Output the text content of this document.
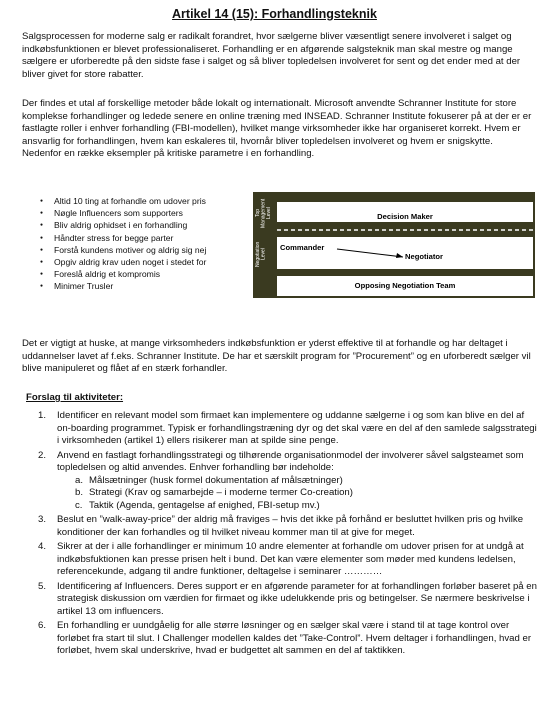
Artikel 14 (15): Forhandlingsteknik

Salgsprocessen for moderne salg er radikalt forandret, hvor sælgerne bliver væsentligt senere involveret i salget og indkøbsfunktionen er blevet professionaliseret. Forhandling er en afgørende salgsteknik man skal mestre og mange sælgere er uforberedte på den sidste fase i salget og så bliver topledelsen involveret for sent og det ender med at der bliver givet for store rabatter.

Der findes et utal af forskellige metoder både lokalt og internationalt. Microsoft anvendte Schranner Institute for store komplekse forhandlinger og ledede senere en online træning med INSEAD. Schranner Institute fokuserer på at der er er fastlagte roller i enhver forhandling (FBI-modellen), hvilket mange virksomheder ikke har organiseret korrekt. Hvem er ansvarlig for forhandlingen, hvem kan eskaleres til, hvornår bliver topledelsen involveret og hvem er snigskytte. Nedenfor en række eksempler på kritiske parametre i en forhandling.

● Altid 10 ting at forhandle om udover pris
● Nøgle Influencers som supporters
● Bliv aldrig ophidset i en forhandling
● Håndter stress for begge parter
● Forstå kundens motiver og aldrig sig nej
● Opgiv aldrig krav uden noget i stedet for
● Foreslå aldrig et kompromis
● Minimer Trusler
Top Management Level
Negotiation Level
Decision Maker
Commander
Negotiator
Opposing Negotiation Team

Det er vigtigt at huske, at mange virksomheders indkøbsfunktion er yderst effektive til at forhandle og har deltaget i uddannelser lavet af f.eks. Schranner Institute. De har et særskilt program for ”Procurement” og en uforberedt sælger vil blive manipuleret og flået af en stærk forhandler.

Forslag til aktiviteter:
1. Identificer en relevant model som firmaet kan implementere og uddanne sælgerne i og som kan blive en del af on-boarding programmet. Typisk er forhandlingstræning dyr og det skal være en del af den samlede salgsstrategi i virksomheden (artikel 1) ellers risikerer man at spilde sine penge.
2. Anvend en fastlagt forhandlingsstrategi og tilhørende organisationmodel der involverer såvel salgsteamet som topledelsen og altid anvendes. Enhver forhandling bør indeholde:
a. Målsætninger (husk formel dokumentation af målsætninger)
b. Strategi (Krav og samarbejde – i moderne termer Co-creation)
c. Taktik (Agenda, gentagelse af enighed, FBI-setup mv.)
3. Beslut en ”walk-away-price” der aldrig må fraviges – hvis det ikke på forhånd er besluttet hvilken pris og hvilke konditioner der kan forhandles og til hvilket niveau kommer man til at give for meget.
4. Sikrer at der i alle forhandlinger er minimum 10 andre elementer at forhandle om udover prisen for at undgå at indkøbsfuktionen kan presse prisen helt i bund. Det kan være elementer som møder med kundens ledelsen, referencekunde, adgang til andre funktioner, deltagelse i seminarer …………
5. Identificering af Influencers. Deres support er en afgørende parameter for at forhandlingen forløber baseret på en strategisk diskussion om værdien for firmaet og ikke udelukkende pris og betingelser. Se nærmere beskrivelse i artikel 13 om influencers.
6. En forhandling er uundgåelig for alle større løsninger og en sælger skal være i stand til at tage kontrol over forløbet fra start til slut. I Challenger modellen kaldes det ”Take-Control”. Hvem deltager i forhandlingen, hvad er forløbet, hvem skal underskrive, hvad er budgettet alt sammen en del af taktikken.
